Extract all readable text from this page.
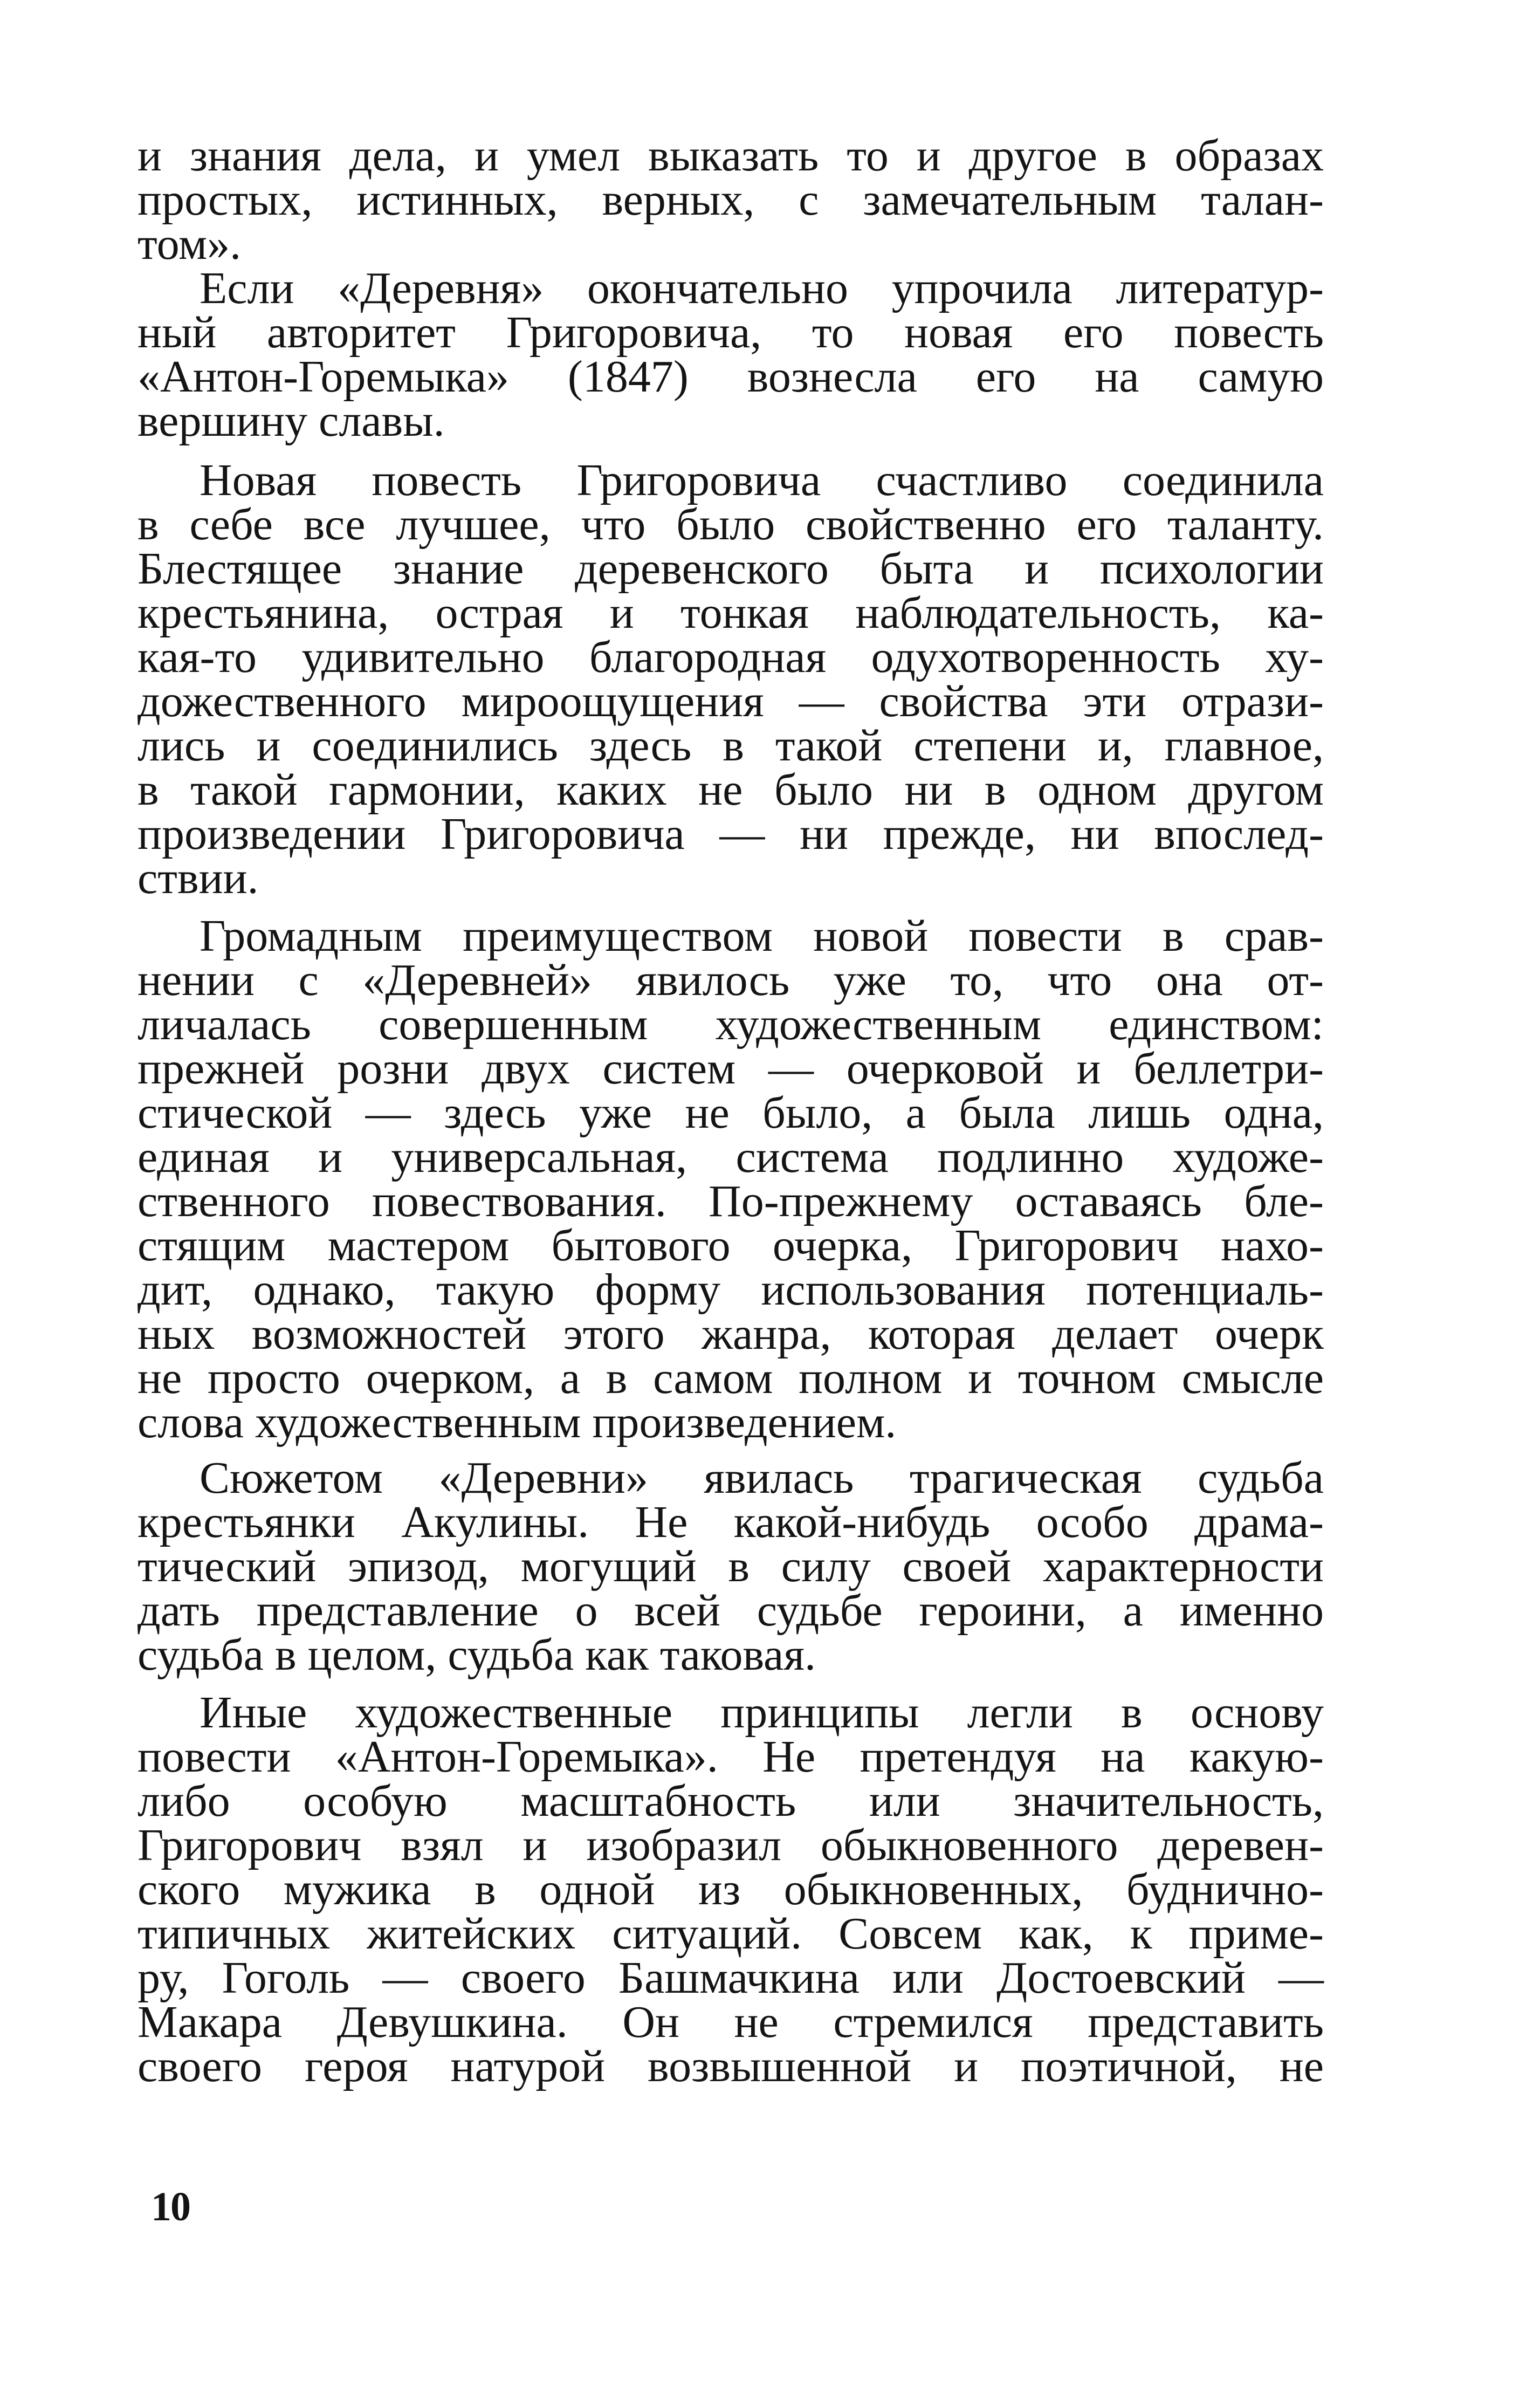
и знания дела, и умел выказать то и другое в образах
простых, истинных, верных, с замечательным талан-
том».
Если «Деревня» окончательно упрочила литератур-
ный авторитет Григоровича, то новая его повесть
«Антон-Горемыка» (1847) вознесла его на самую
вершину славы.
Новая повесть Григоровича счастливо соединила
в себе все лучшее, что было свойственно его таланту.
Блестящее знание деревенского быта и психологии
крестьянина, острая и тонкая наблюдательность, ка-
кая-то удивительно благородная одухотворенность ху-
дожественного мироощущения — свойства эти отрази-
лись и соединились здесь в такой степени и, главное,
в такой гармонии, каких не было ни в одном другом
произведении Григоровича — ни прежде, ни впослед-
ствии.
Громадным преимуществом новой повести в срав-
нении с «Деревней» явилось уже то, что она от-
личалась совершенным художественным единством:
прежней розни двух систем — очерковой и беллетри-
стической — здесь уже не было, а была лишь одна,
единая и универсальная, система подлинно художе-
ственного повествования. По-прежнему оставаясь бле-
стящим мастером бытового очерка, Григорович нахо-
дит, однако, такую форму использования потенциаль-
ных возможностей этого жанра, которая делает очерк
не просто очерком, а в самом полном и точном смысле
слова художественным произведением.
Сюжетом «Деревни» явилась трагическая судьба
крестьянки Акулины. Не какой-нибудь особо драма-
тический эпизод, могущий в силу своей характерности
дать представление о всей судьбе героини, а именно
судьба в целом, судьба как таковая.
Иные художественные принципы легли в основу
повести «Антон-Горемыка». Не претендуя на какую-
либо особую масштабность или значительность,
Григорович взял и изобразил обыкновенного деревен-
ского мужика в одной из обыкновенных, буднично-
типичных житейских ситуаций. Совсем как, к приме-
ру, Гоголь — своего Башмачкина или Достоевский —
Макара Девушкина. Он не стремился представить
своего героя натурой возвышенной и поэтичной, не
10
